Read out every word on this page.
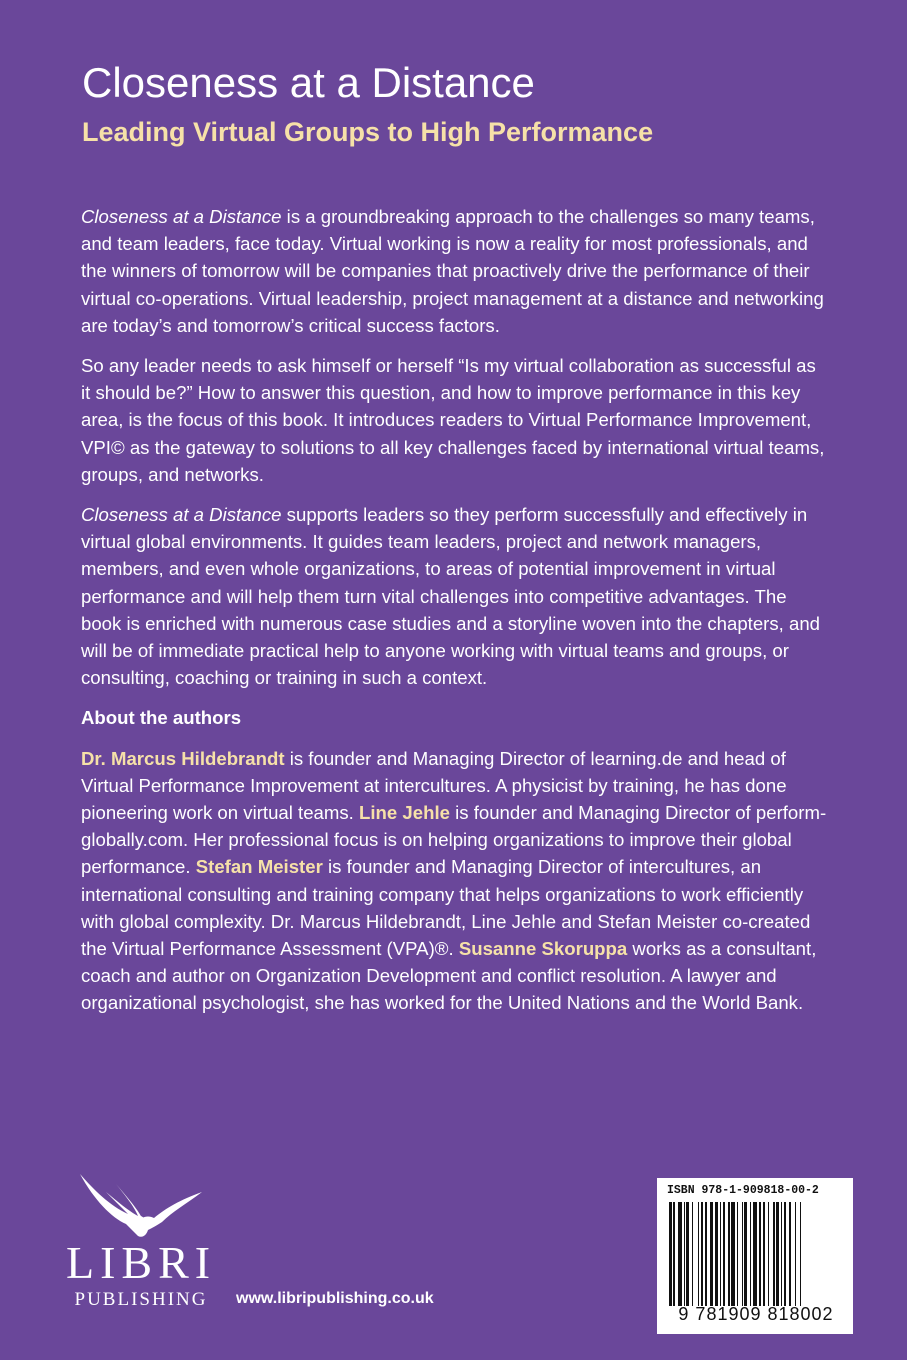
Closeness at a Distance
Leading Virtual Groups to High Performance

Closeness at a Distance is a groundbreaking approach to the challenges so many teams, and team leaders, face today. Virtual working is now a reality for most professionals, and the winners of tomorrow will be companies that proactively drive the performance of their virtual co-operations. Virtual leadership, project management at a distance and networking are today’s and tomorrow’s critical success factors.

So any leader needs to ask himself or herself “Is my virtual collaboration as successful as it should be?” How to answer this question, and how to improve performance in this key area, is the focus of this book. It introduces readers to Virtual Performance Improvement, VPI© as the gateway to solutions to all key challenges faced by international virtual teams, groups, and networks.

Closeness at a Distance supports leaders so they perform successfully and effectively in virtual global environments. It guides team leaders, project and network managers, members, and even whole organizations, to areas of potential improvement in virtual performance and will help them turn vital challenges into competitive advantages. The book is enriched with numerous case studies and a storyline woven into the chapters, and will be of immediate practical help to anyone working with virtual teams and groups, or consulting, coaching or training in such a context.

About the authors

Dr. Marcus Hildebrandt is founder and Managing Director of learning.de and head of Virtual Performance Improvement at intercultures. A physicist by training, he has done pioneering work on virtual teams. Line Jehle is founder and Managing Director of perform-globally.com. Her professional focus is on helping organizations to improve their global performance. Stefan Meister is founder and Managing Director of intercultures, an international consulting and training company that helps organizations to work efficiently with global complexity. Dr. Marcus Hildebrandt, Line Jehle and Stefan Meister co-created the Virtual Performance Assessment (VPA)®. Susanne Skoruppa works as a consultant, coach and author on Organization Development and conflict resolution. A lawyer and organizational psychologist, she has worked for the United Nations and the World Bank.

LIBRI
PUBLISHING	www.libripublishing.co.uk
ISBN 978-1-909818-00-2
9 781909 818002
